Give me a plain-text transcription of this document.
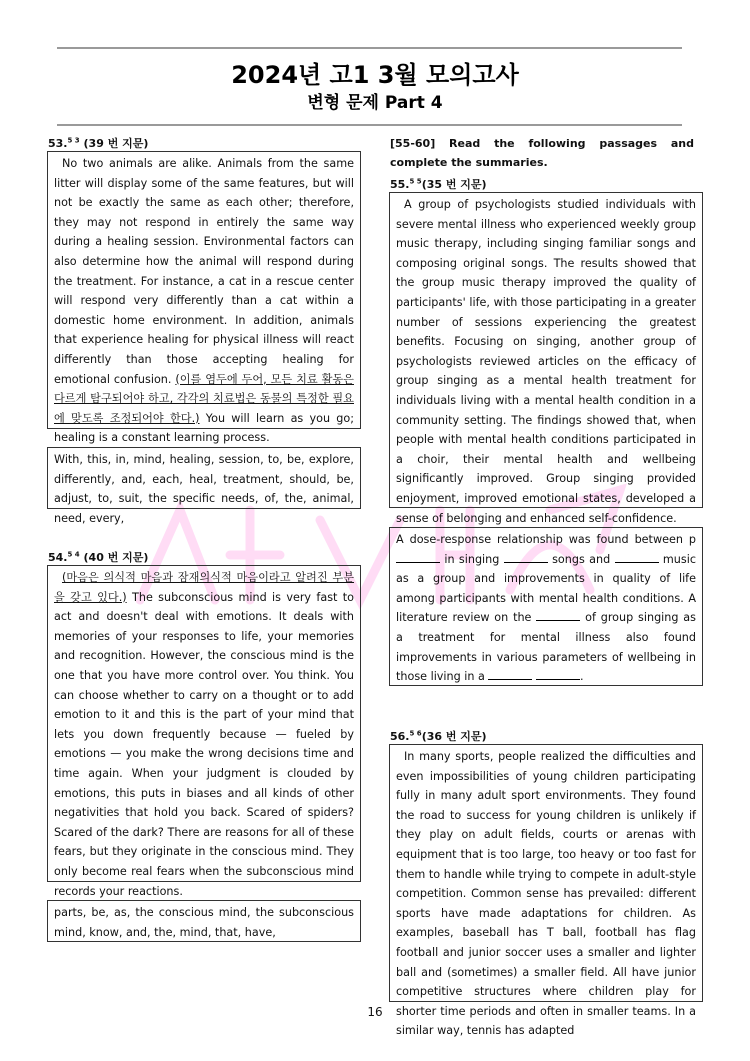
2024년 고1 3월 모의고사
변형 문제 Part 4
53.$^{5 3}$ (39 번 지문)

No two animals are alike. Animals from the same litter will display some of the same features, but will not be exactly the same as each other; therefore, they may not respond in entirely the same way during a healing session. Environmental factors can also determine how the animal will respond during the treatment. For instance, a cat in a rescue center will respond very differently than a cat within a domestic home environment. In addition, animals that experience healing for physical illness will react differently than those accepting healing for emotional confusion. (이를 염두에 두어, 모든 치료 활동은 다르게 탐구되어야 하고, 각각의 치료법은 동물의 특정한 필요에 맞도록 조정되어야 한다.) You will learn as you go; healing is a constant learning process.

With, this, in, mind, healing, session, to, be, explore, differently, and, each, heal, treatment, should, be, adjust, to, suit, the specific needs, of, the, animal, need, every,
54.$^{5 4}$ (40 번 지문)

(마음은 의식적 마음과 잠재의식적 마음이라고 알려진 부분을 갖고 있다.) The subconscious mind is very fast to act and doesn't deal with emotions. It deals with memories of your responses to life, your memories and recognition. However, the conscious mind is the one that you have more control over. You think. You can choose whether to carry on a thought or to add emotion to it and this is the part of your mind that lets you down frequently because — fueled by emotions — you make the wrong decisions time and time again. When your judgment is clouded by emotions, this puts in biases and all kinds of other negativities that hold you back. Scared of spiders? Scared of the dark? There are reasons for all of these fears, but they originate in the conscious mind. They only become real fears when the subconscious mind records your reactions.

parts, be, as, the conscious mind, the subconscious mind, know, and, the, mind, that, have,
[55-60] Read the following passages and complete the summaries.
55.$^{5 5}$(35 번 지문)

A group of psychologists studied individuals with severe mental illness who experienced weekly group music therapy, including singing familiar songs and composing original songs. The results showed that the group music therapy improved the quality of participants' life, with those participating in a greater number of sessions experiencing the greatest benefits. Focusing on singing, another group of psychologists reviewed articles on the efficacy of group singing as a mental health treatment for individuals living with a mental health condition in a community setting. The findings showed that, when people with mental health conditions participated in a choir, their mental health and wellbeing significantly improved. Group singing provided enjoyment, improved emotional states, developed a sense of belonging and enhanced self-confidence.

A dose-response relationship was found between p in singing	songs and	music as a group and improvements in quality of life among participants with mental health conditions. A literature review on the	of group singing as a treatment for mental illness also found improvements in various parameters of wellbeing in those living in a	.
56.$^{5 6}$(36 번 지문)

In many sports, people realized the difficulties and even impossibilities of young children participating fully in many adult sport environments. They found the road to success for young children is unlikely if they play on adult fields, courts or arenas with equipment that is too large, too heavy or too fast for them to handle while trying to compete in adult-style competition. Common sense has prevailed: different sports have made adaptations for children. As examples, baseball has T ball, football has flag football and junior soccer uses a smaller and lighter ball and (sometimes) a smaller field. All have junior competitive structures where children play for shorter time periods and often in smaller teams. In a similar way, tennis has adapted

16
